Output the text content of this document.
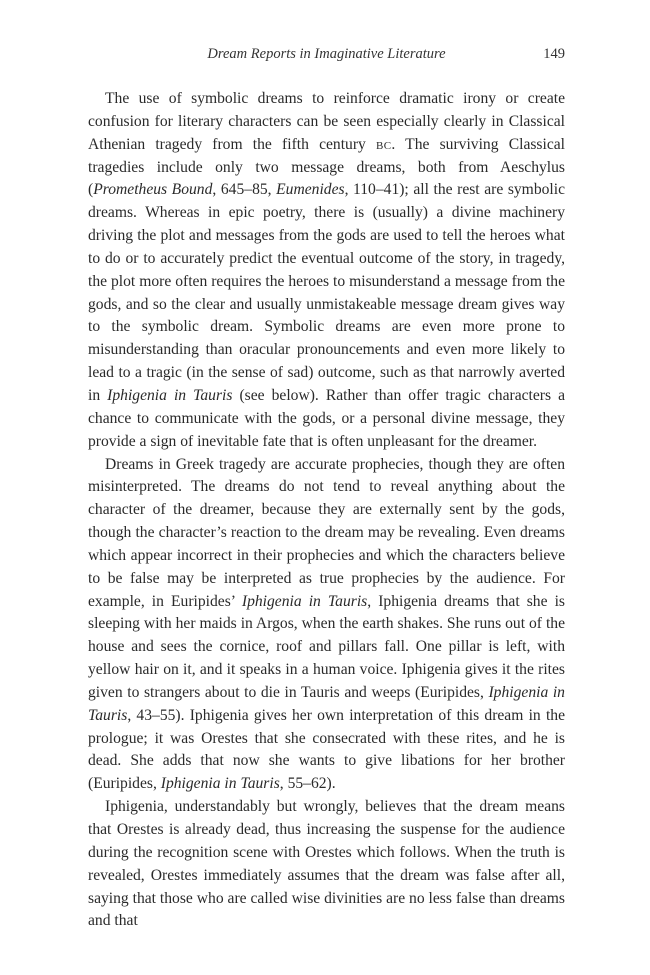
Dream Reports in Imaginative Literature	149

The use of symbolic dreams to reinforce dramatic irony or create confusion for literary characters can be seen especially clearly in Classical Athenian tragedy from the fifth century bc. The surviving Classical tragedies include only two message dreams, both from Aeschylus (Prometheus Bound, 645–85, Eumenides, 110–41); all the rest are symbolic dreams. Whereas in epic poetry, there is (usually) a divine machinery driving the plot and messages from the gods are used to tell the heroes what to do or to accurately predict the eventual outcome of the story, in tragedy, the plot more often requires the heroes to misunderstand a message from the gods, and so the clear and usually unmistakeable message dream gives way to the symbolic dream. Symbolic dreams are even more prone to misunderstanding than oracular pronouncements and even more likely to lead to a tragic (in the sense of sad) outcome, such as that narrowly averted in Iphigenia in Tauris (see below). Rather than offer tragic characters a chance to communicate with the gods, or a personal divine message, they provide a sign of inevitable fate that is often unpleasant for the dreamer.

Dreams in Greek tragedy are accurate prophecies, though they are often misinterpreted. The dreams do not tend to reveal anything about the character of the dreamer, because they are externally sent by the gods, though the character’s reaction to the dream may be revealing. Even dreams which appear incorrect in their prophecies and which the characters believe to be false may be interpreted as true prophecies by the audience. For example, in Euripides’ Iphigenia in Tauris, Iphigenia dreams that she is sleeping with her maids in Argos, when the earth shakes. She runs out of the house and sees the cornice, roof and pillars fall. One pillar is left, with yellow hair on it, and it speaks in a human voice. Iphigenia gives it the rites given to strangers about to die in Tauris and weeps (Euripides, Iphigenia in Tauris, 43–55). Iphigenia gives her own interpretation of this dream in the prologue; it was Orestes that she consecrated with these rites, and he is dead. She adds that now she wants to give libations for her brother (Euripides, Iphigenia in Tauris, 55–62).

Iphigenia, understandably but wrongly, believes that the dream means that Orestes is already dead, thus increasing the suspense for the audience during the recognition scene with Orestes which follows. When the truth is revealed, Orestes immediately assumes that the dream was false after all, saying that those who are called wise divinities are no less false than dreams and that
